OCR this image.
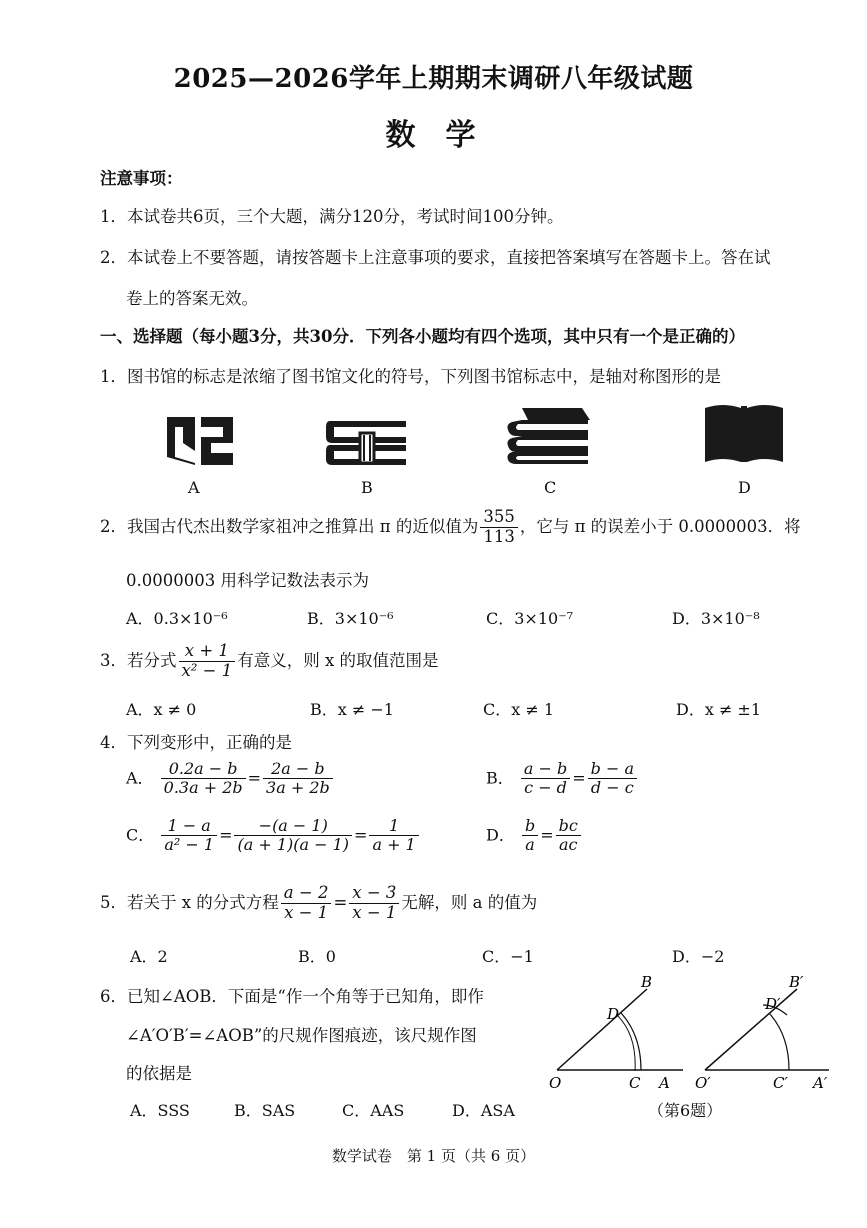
2025—2026学年上期期末调研八年级试题
数学
注意事项：
1．本试卷共6页，三个大题，满分120分，考试时间100分钟。
2．本试卷上不要答题，请按答题卡上注意事项的要求，直接把答案填写在答题卡上。答在试
卷上的答案无效。
一、选择题（每小题3分，共30分．下列各小题均有四个选项，其中只有一个是正确的）
1．图书馆的标志是浓缩了图书馆文化的符号，下列图书馆标志中，是轴对称图形的是
A	B	C	D
2．我国古代杰出数学家祖冲之推算出 π 的近似值为 $\frac{355}{113}$ ，它与 π 的误差小于 0.0000003．将
0.0000003 用科学记数法表示为
A．0.3×10⁻⁶	B．3×10⁻⁶	C．3×10⁻⁷	D．3×10⁻⁸
3．若分式 $\frac{x + 1}{\text{x² − 1}}$ 有意义，则 x 的取值范围是
A．x ≠ 0	B．x ≠ −1	C．x ≠ 1	D．x ≠ ±1
4．下列变形中，正确的是
A． $\frac{0.2a - b}{0.3a + 2b} = \frac{2a - b}{3a + 2b}$	B． $\frac{a - b}{c - d} = \frac{b - a}{d - c}$
C． $\frac{1 - a}{\text{a² − 1}} = \frac{-(a - 1)}{(a + 1)(a - 1)} = \frac{1}{a + 1}$	D． $\frac{b}{a} = \frac{bc}{ac}$
5．若关于 x 的分式方程 $\frac{a - 2}{x - 1} = \frac{x - 3}{x - 1}$ 无解，则 a 的值为
A．2	B．0	C．−1	D．−2
6．已知∠AOB．下面是“作一个角等于已知角，即作
∠A′O′B′=∠AOB”的尺规作图痕迹，该尺规作图
的依据是
A．SSS	B．SAS	C．AAS	D．ASA
O	C A
D
B
O′	C′ A′
D′
B′
（第6题）
数学试卷　第 1 页（共 6 页）
